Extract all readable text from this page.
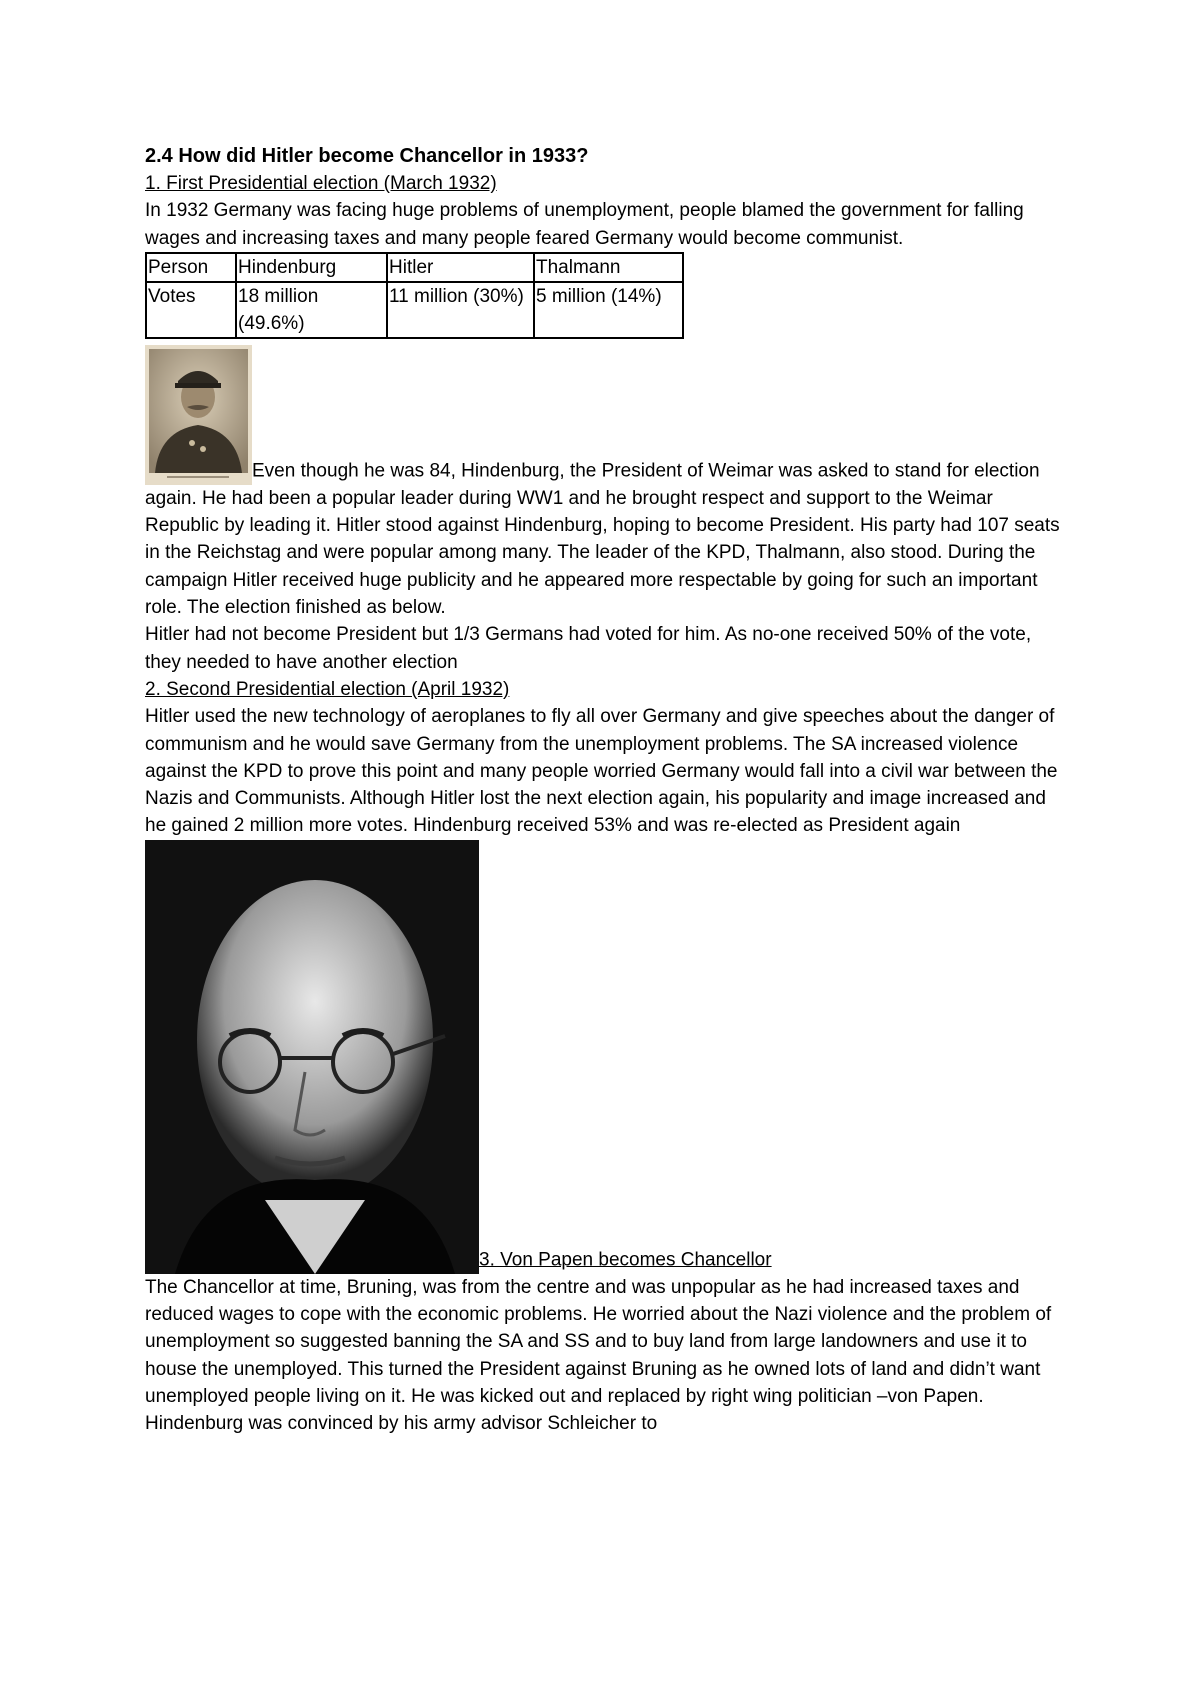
2.4 How did Hitler become Chancellor in 1933?

1. First Presidential election (March 1932)

In 1932 Germany was facing huge problems of unemployment, people blamed the government for falling wages and increasing taxes and many people feared Germany would become communist.

Person	Hindenburg	Hitler	Thalmann
Votes	18 million (49.6%)	11 million (30%)	5 million (14%)

Even though he was 84, Hindenburg, the President of Weimar was asked to stand for election again. He had been a popular leader during WW1 and he brought respect and support to the Weimar Republic by leading it. Hitler stood against Hindenburg, hoping to become President. His party had 107 seats in the Reichstag and were popular among many. The leader of the KPD, Thalmann, also stood. During the campaign Hitler received huge publicity and he appeared more respectable by going for such an important role. The election finished as below.

Hitler had not become President but 1/3 Germans had voted for him. As no-one received 50% of the vote, they needed to have another election

2. Second Presidential election (April 1932)

Hitler used the new technology of aeroplanes to fly all over Germany and give speeches about the danger of communism and he would save Germany from the unemployment problems. The SA increased violence against the KPD to prove this point and many people worried Germany would fall into a civil war between the Nazis and Communists. Although Hitler lost the next election again, his popularity and image increased and he gained 2 million more votes. Hindenburg received 53% and was re-elected as President again

3. Von Papen becomes Chancellor

The Chancellor at time, Bruning, was from the centre and was unpopular as he had increased taxes and reduced wages to cope with the economic problems. He worried about the Nazi violence and the problem of unemployment so suggested banning the SA and SS and to buy land from large landowners and use it to house the unemployed. This turned the President against Bruning as he owned lots of land and didn’t want unemployed people living on it. He was kicked out and replaced by right wing politician –von Papen. Hindenburg was convinced by his army advisor Schleicher to
